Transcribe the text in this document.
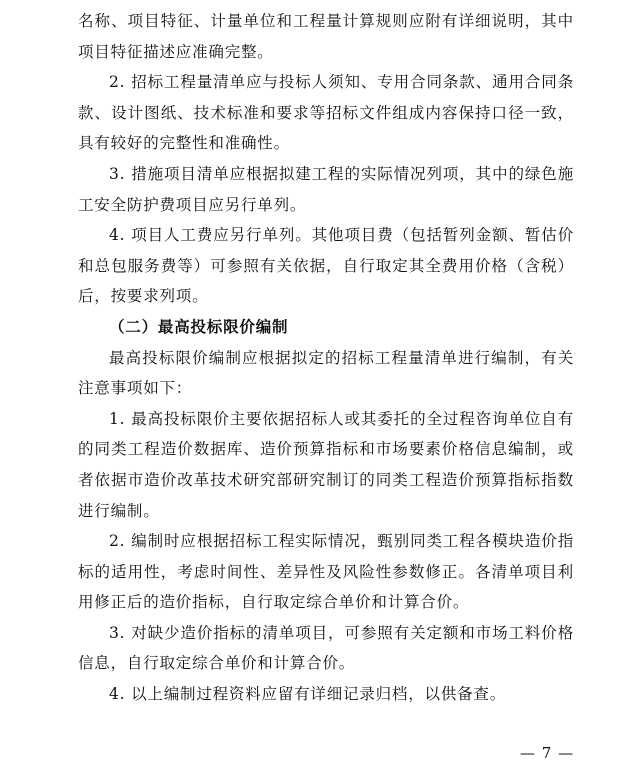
名称、项目特征、计量单位和工程量计算规则应附有详细说明，其中项目特征描述应准确完整。

2. 招标工程量清单应与投标人须知、专用合同条款、通用合同条款、设计图纸、技术标准和要求等招标文件组成内容保持口径一致，具有较好的完整性和准确性。

3. 措施项目清单应根据拟建工程的实际情况列项，其中的绿色施工安全防护费项目应另行单列。

4. 项目人工费应另行单列。其他项目费（包括暂列金额、暂估价和总包服务费等）可参照有关依据，自行取定其全费用价格（含税）后，按要求列项。

（二）最高投标限价编制

最高投标限价编制应根据拟定的招标工程量清单进行编制，有关注意事项如下：

1. 最高投标限价主要依据招标人或其委托的全过程咨询单位自有的同类工程造价数据库、造价预算指标和市场要素价格信息编制，或者依据市造价改革技术研究部研究制订的同类工程造价预算指标指数进行编制。

2. 编制时应根据招标工程实际情况，甄别同类工程各模块造价指标的适用性，考虑时间性、差异性及风险性参数修正。各清单项目利用修正后的造价指标，自行取定综合单价和计算合价。

3. 对缺少造价指标的清单项目，可参照有关定额和市场工料价格信息，自行取定综合单价和计算合价。

4. 以上编制过程资料应留有详细记录归档，以供备查。

— 7 —
